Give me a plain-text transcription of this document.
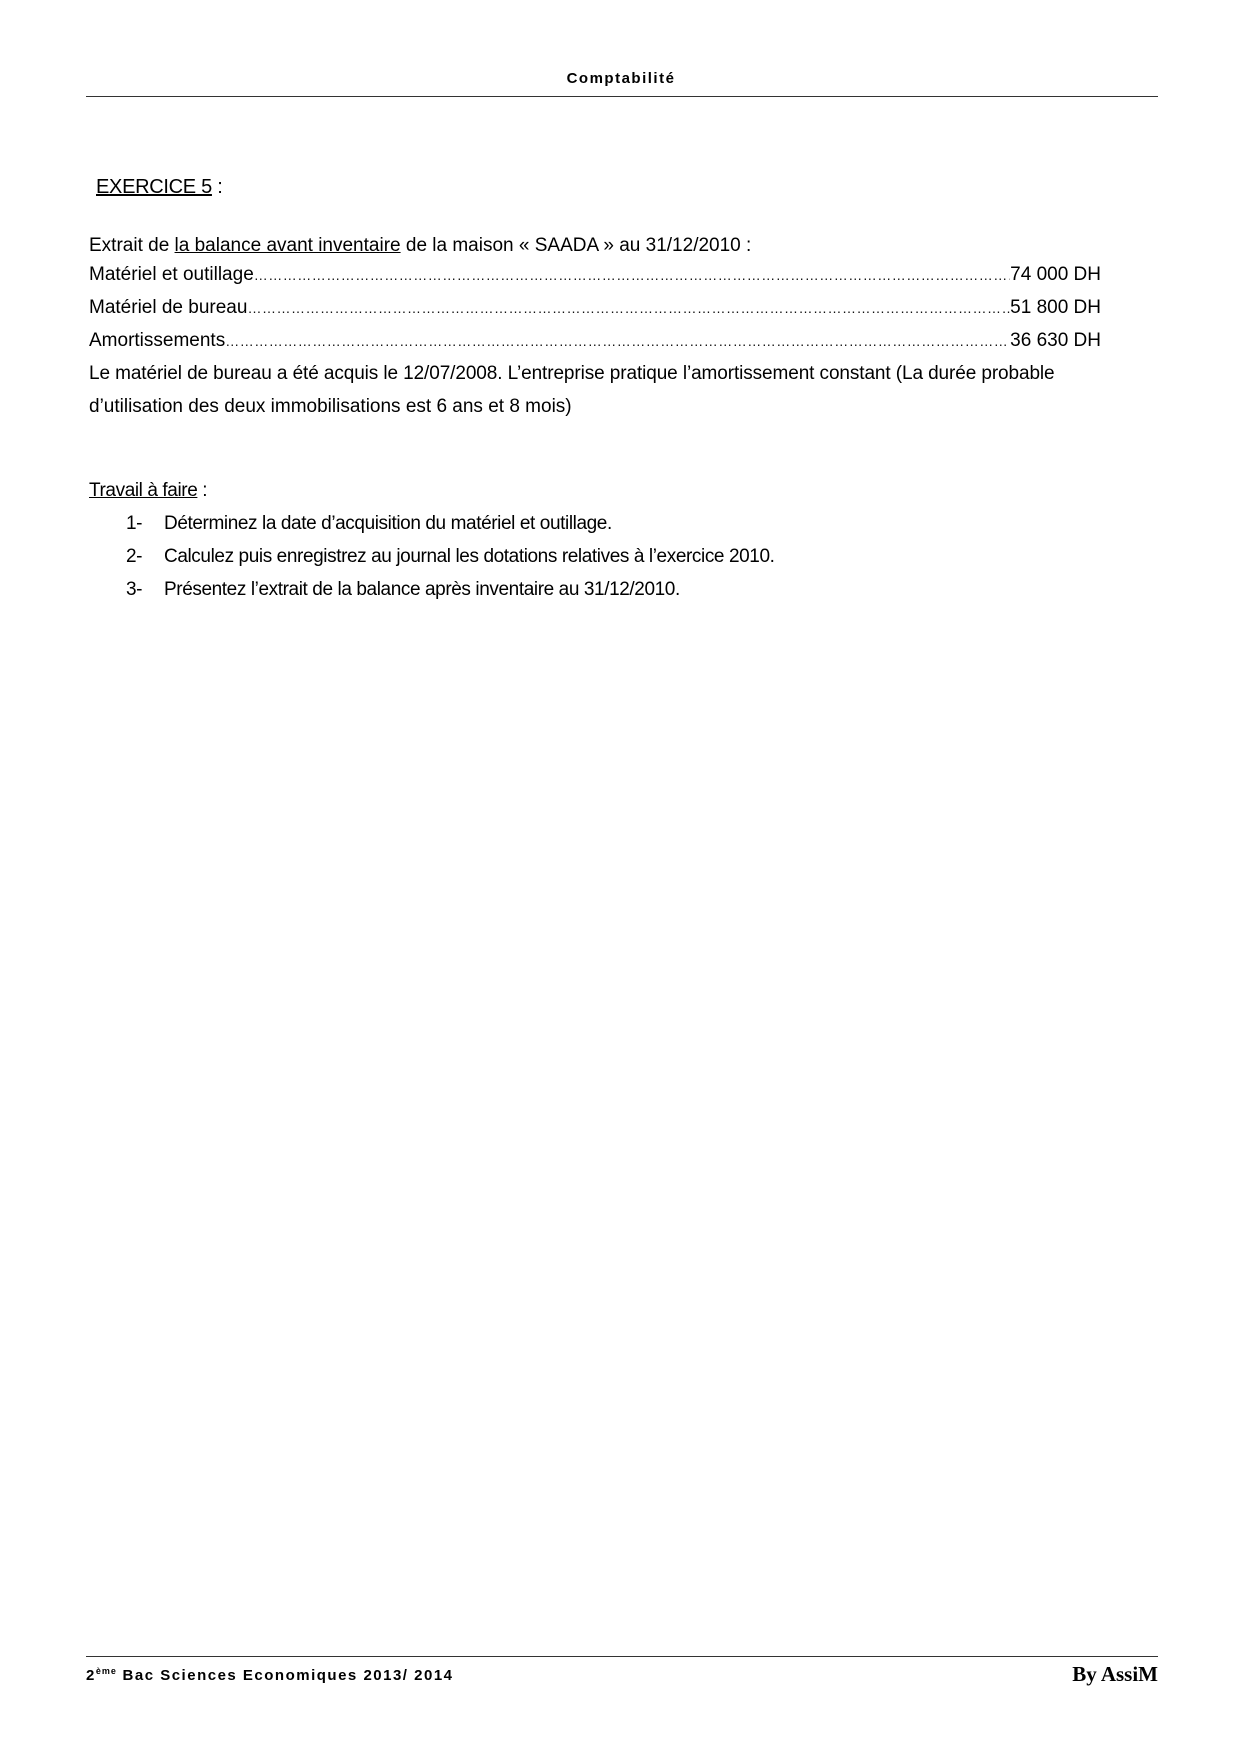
Comptabilité
EXERCICE 5 :
Extrait de la balance avant inventaire de la maison « SAADA » au 31/12/2010 :
Matériel et outillage ……………………………………………………………………………………………………………………………………………………………………………………………………………………………	74 000 DH
Matériel de bureau ……………………………………………………………………………………………………………………………………………………………………………………………………………………………	51 800 DH
Amortissements ……………………………………………………………………………………………………………………………………………………………………………………………………………………………	36 630 DH
Le matériel de bureau a été acquis le 12/07/2008. L’entreprise pratique l’amortissement constant (La durée probable
d’utilisation des deux immobilisations est 6 ans et 8 mois)
Travail à faire :
1-	Déterminez la date d’acquisition du matériel et outillage.
2-	Calculez puis enregistrez au journal les dotations relatives à l’exercice 2010.
3-	Présentez l’extrait de la balance après inventaire au 31/12/2010.
2ème Bac Sciences Economiques 2013/ 2014	By AssiM
